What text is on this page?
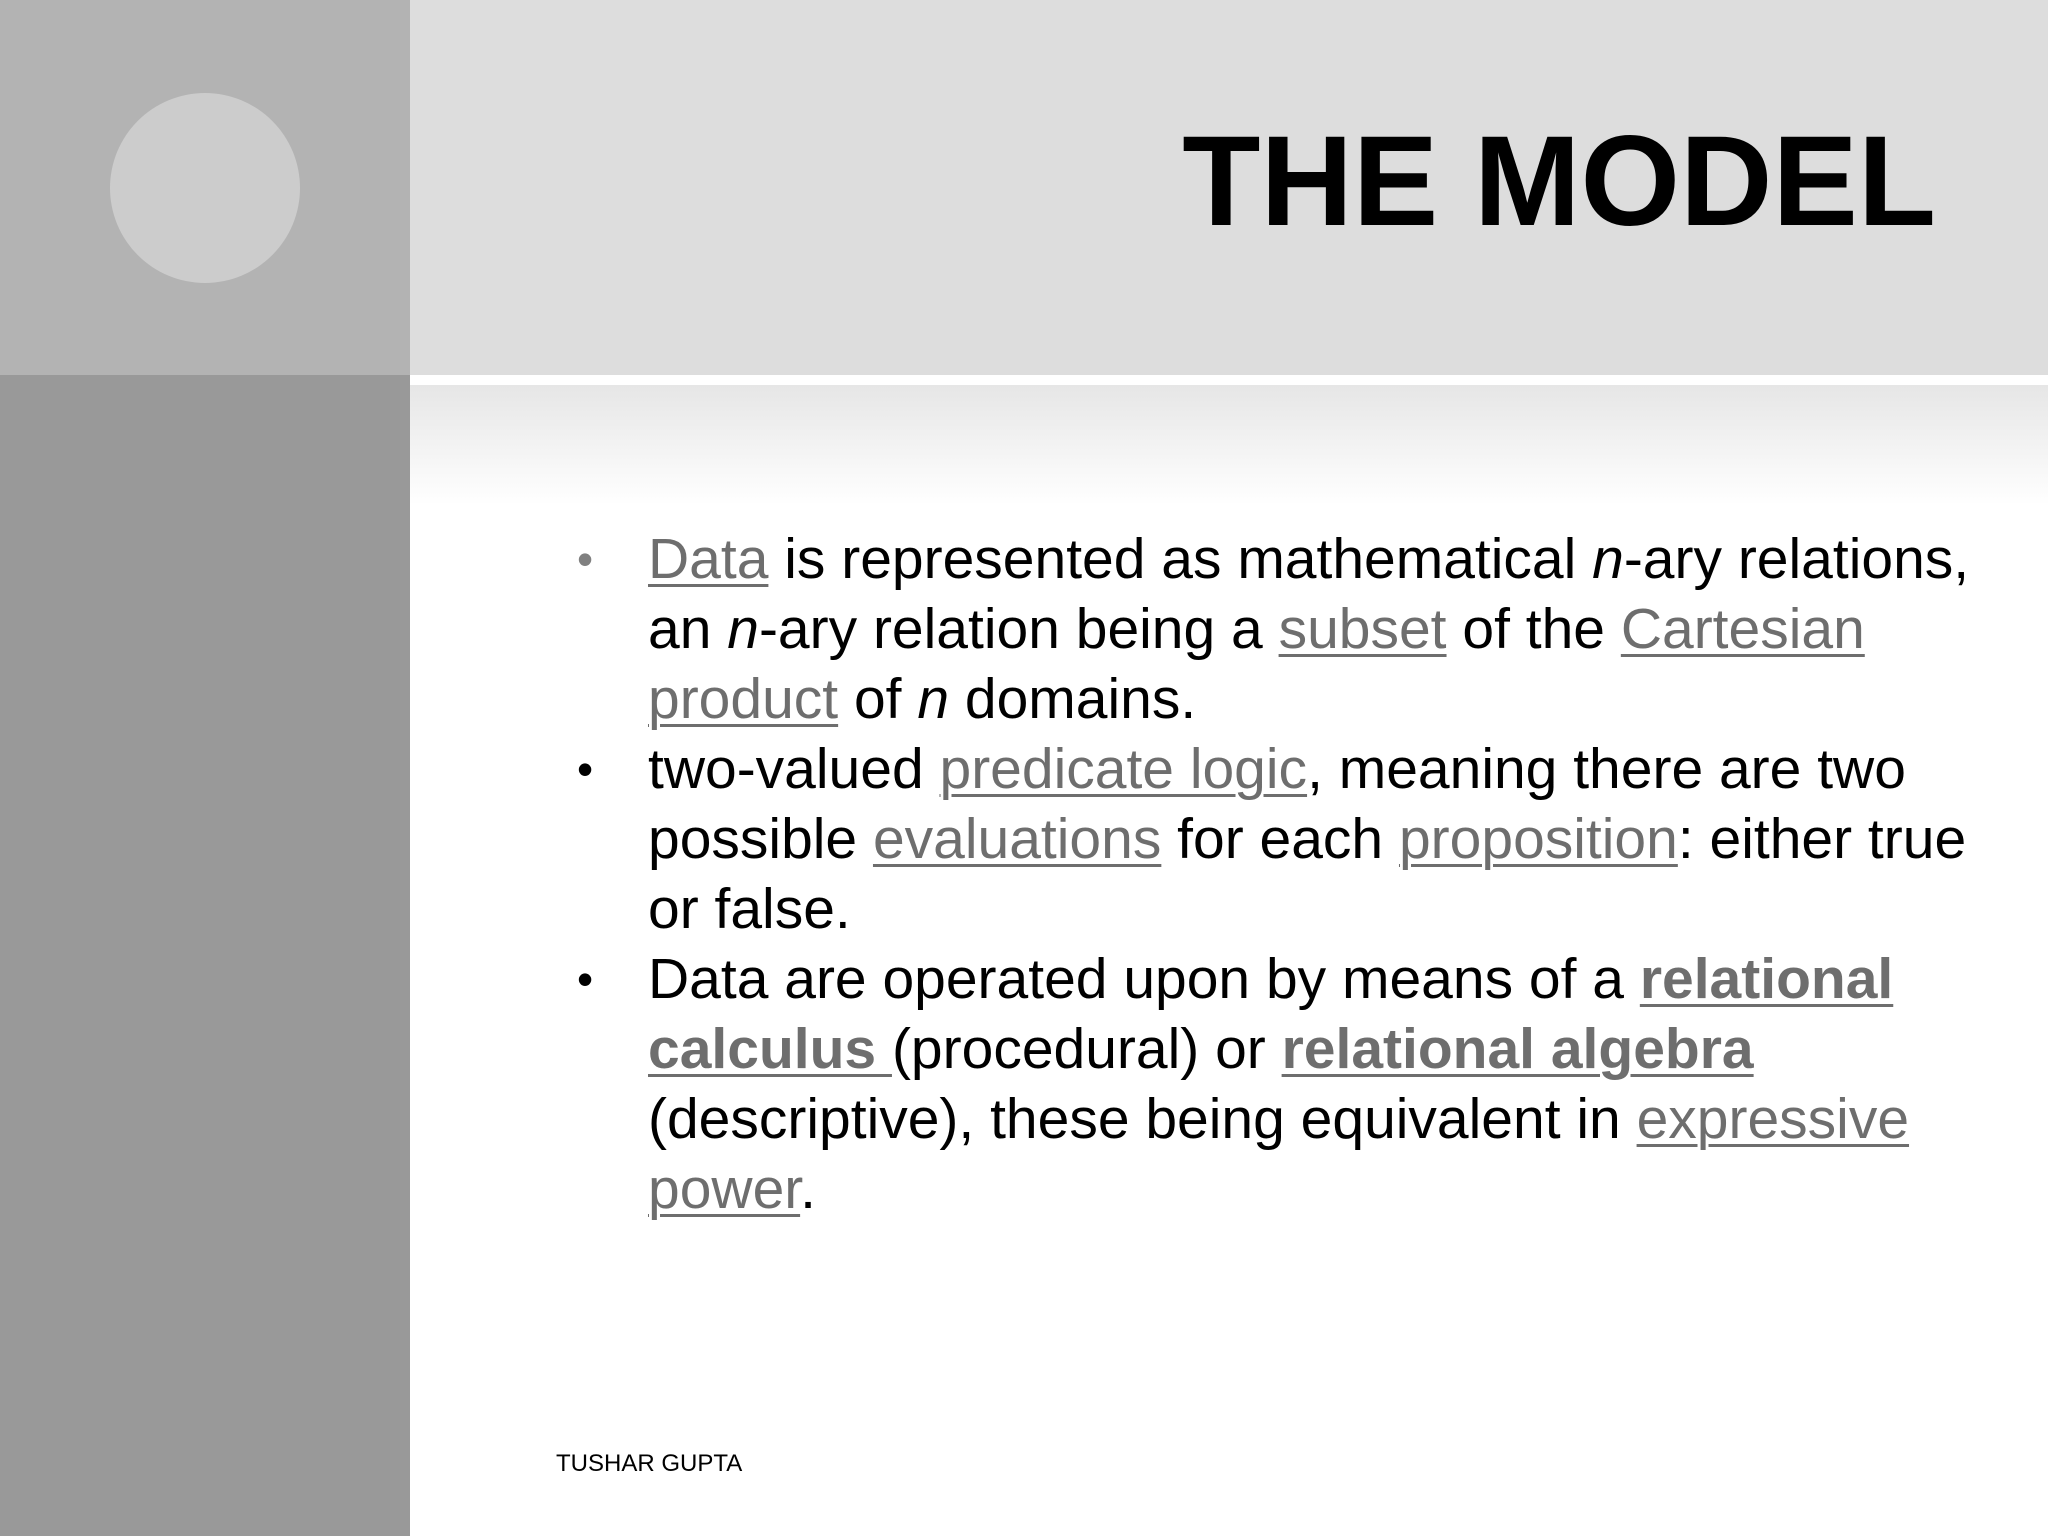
THE MODEL
• Data is represented as mathematical n-ary relations, an n-ary relation being a subset of the Cartesian product of n domains.
• two-valued predicate logic, meaning there are two possible evaluations for each proposition: either true or false.
• Data are operated upon by means of a relational calculus (procedural) or relational algebra (descriptive), these being equivalent in expressive power.
TUSHAR GUPTA
